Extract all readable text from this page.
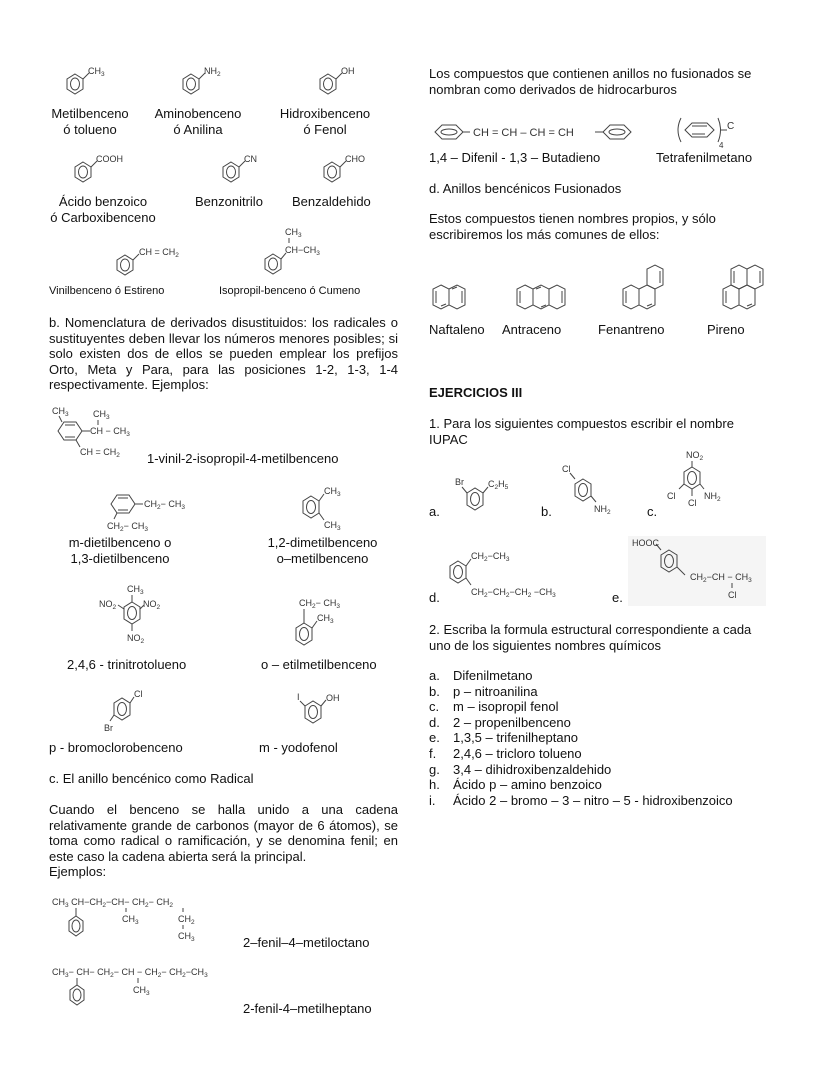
$CH_3$	$NH_2$	OH
Metilbenceno
ó tolueno
Aminobenceno
ó Anilina
Hidroxibenceno
ó Fenol
COOH	CN	CHO
Ácido benzoico
ó Carboxibenceno
Benzonitrilo Benzaldehido
CH = $CH_2$
$CH_3$
$CH-CH_3$
Vinilbenceno ó Estireno	Isopropil-benceno ó Cumeno
b. Nomenclatura de derivados disustituidos: los radicales o sustituyentes deben llevar los números menores posibles; si solo existen dos de ellos se pueden emplear los prefijos Orto, Meta y Para, para las posiciones 1-2, 1-3, 1-4 respectivamente. Ejemplos:
$CH_3$	$CH_3$
CH − $CH_3$
CH = $CH_2$ 1-vinil-2-isopropil-4-metilbenceno
$CH_2- CH_3$
$CH_2- CH_3$
m-dietilbenceno o
1,3-dietilbenceno
$CH_3$
$CH_3$
1,2-dimetilbenceno
o–metilbenceno
$CH_3$
$NO_2$	$NO_2$
$NO_2$
2,4,6 - trinitrotolueno
$CH_2- CH_3$
$CH_3$
o – etilmetilbenceno
Cl
Br
p - bromoclorobenceno
I	OH
m - yodofenol
c. El anillo bencénico como Radical
Cuando el benceno se halla unido a una cadena relativamente grande de carbonos (mayor de 6 átomos), se toma como radical o ramificación, y se denomina fenil; en este caso la cadena abierta será la principal.
Ejemplos:
$CH_3$ $CH-CH_2-CH- CH_2- CH_2$
$CH_3$	$CH_2$
$CH_3$	2–fenil–4–metiloctano
$CH_3- CH- CH_2-$ CH − $CH_2- CH_2-CH_3$
$CH_3$
2-fenil-4–metilheptano
Los compuestos que contienen anillos no fusionados se
nombran como derivados de hidrocarburos
CH = CH – CH = CH
C
4
1,4 – Difenil - 1,3 – Butadieno	Tetrafenilmetano
d. Anillos bencénicos Fusionados
Estos compuestos tienen nombres propios, y sólo
escribiremos los más comunes de ellos:
Naftaleno Antraceno	Fenantreno	Pireno
EJERCICIOS III
1. Para los siguientes compuestos escribir el nombre
IUPAC
a.
Br	$C_2H_5$
b.
Cl
$NH_2$	c.
$NO_2$
Cl	$NH_2$
Cl
d.
$CH_2-CH_3$
$CH_2-CH_2-CH_2 -CH_3$	e.
HOOC
$CH_2-CH - CH_3$
Cl
2. Escriba la formula estructural correspondiente a cada
uno de los siguientes nombres químicos
a. Difenilmetano
b. p – nitroanilina
c. m – isopropil fenol
d. 2 – propenilbenceno
e. 1,3,5 – trifenilheptano
f. 2,4,6 – tricloro tolueno
g. 3,4 – dihidroxibenzaldehido
h. Ácido p – amino benzoico
i. Ácido 2 – bromo – 3 – nitro – 5 - hidroxibenzoico
